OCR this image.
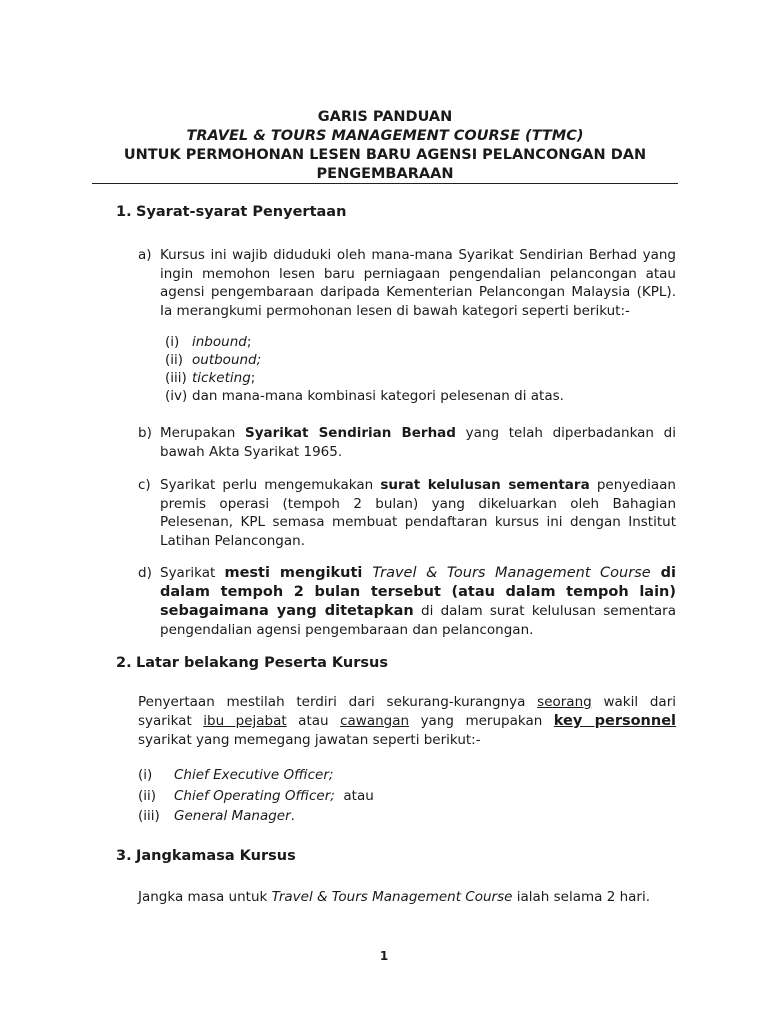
GARIS PANDUAN
TRAVEL & TOURS MANAGEMENT COURSE (TTMC)
UNTUK PERMOHONAN LESEN BARU AGENSI PELANCONGAN DAN
PENGEMBARAAN
1. Syarat-syarat Penyertaan
a) Kursus ini wajib diduduki oleh mana-mana Syarikat Sendirian Berhad yang ingin memohon lesen baru perniagaan pengendalian pelancongan atau agensi pengembaraan daripada Kementerian Pelancongan Malaysia (KPL). Ia merangkumi permohonan lesen di bawah kategori seperti berikut:-
(i) inbound;
(ii) outbound;
(iii) ticketing;
(iv) dan mana-mana kombinasi kategori pelesenan di atas.
b) Merupakan Syarikat Sendirian Berhad yang telah diperbadankan di bawah Akta Syarikat 1965.
c) Syarikat perlu mengemukakan surat kelulusan sementara penyediaan premis operasi (tempoh 2 bulan) yang dikeluarkan oleh Bahagian Pelesenan, KPL semasa membuat pendaftaran kursus ini dengan Institut Latihan Pelancongan.
d) Syarikat mesti mengikuti Travel & Tours Management Course di dalam tempoh 2 bulan tersebut (atau dalam tempoh lain) sebagaimana yang ditetapkan di dalam surat kelulusan sementara pengendalian agensi pengembaraan dan pelancongan.
2. Latar belakang Peserta Kursus
Penyertaan mestilah terdiri dari sekurang-kurangnya seorang wakil dari syarikat ibu pejabat atau cawangan yang merupakan key personnel syarikat yang memegang jawatan seperti berikut:-
(i) Chief Executive Officer;
(ii) Chief Operating Officer;  atau
(iii) General Manager.
3. Jangkamasa Kursus
Jangka masa untuk Travel & Tours Management Course ialah selama 2 hari.
1
